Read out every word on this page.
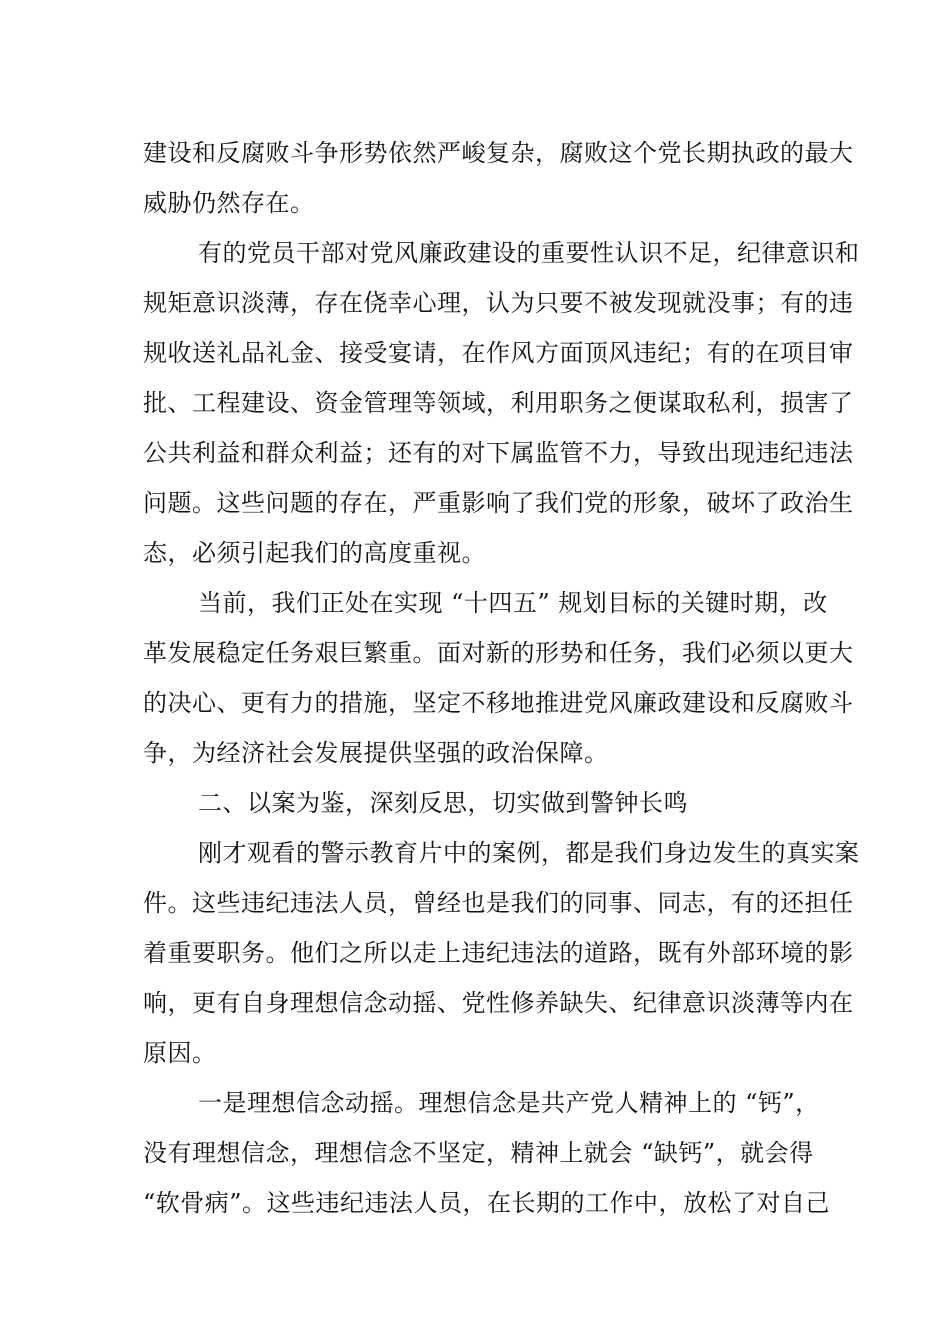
建设和反腐败斗争形势依然严峻复杂，腐败这个党长期执政的最大
威胁仍然存在。
有的党员干部对党风廉政建设的重要性认识不足，纪律意识和
规矩意识淡薄，存在侥幸心理，认为只要不被发现就没事；有的违
规收送礼品礼金、接受宴请，在作风方面顶风违纪；有的在项目审
批、工程建设、资金管理等领域，利用职务之便谋取私利，损害了
公共利益和群众利益；还有的对下属监管不力，导致出现违纪违法
问题。这些问题的存在，严重影响了我们党的形象，破坏了政治生
态，必须引起我们的高度重视。
当前，我们正处在实现 “十四五” 规划目标的关键时期，改
革发展稳定任务艰巨繁重。面对新的形势和任务，我们必须以更大
的决心、更有力的措施，坚定不移地推进党风廉政建设和反腐败斗
争，为经济社会发展提供坚强的政治保障。
二、以案为鉴，深刻反思，切实做到警钟长鸣
刚才观看的警示教育片中的案例，都是我们身边发生的真实案
件。这些违纪违法人员，曾经也是我们的同事、同志，有的还担任
着重要职务。他们之所以走上违纪违法的道路，既有外部环境的影
响，更有自身理想信念动摇、党性修养缺失、纪律意识淡薄等内在
原因。
一是理想信念动摇。理想信念是共产党人精神上的 “钙”，
没有理想信念，理想信念不坚定，精神上就会 “缺钙”，就会得
“软骨病”。这些违纪违法人员，在长期的工作中，放松了对自己
